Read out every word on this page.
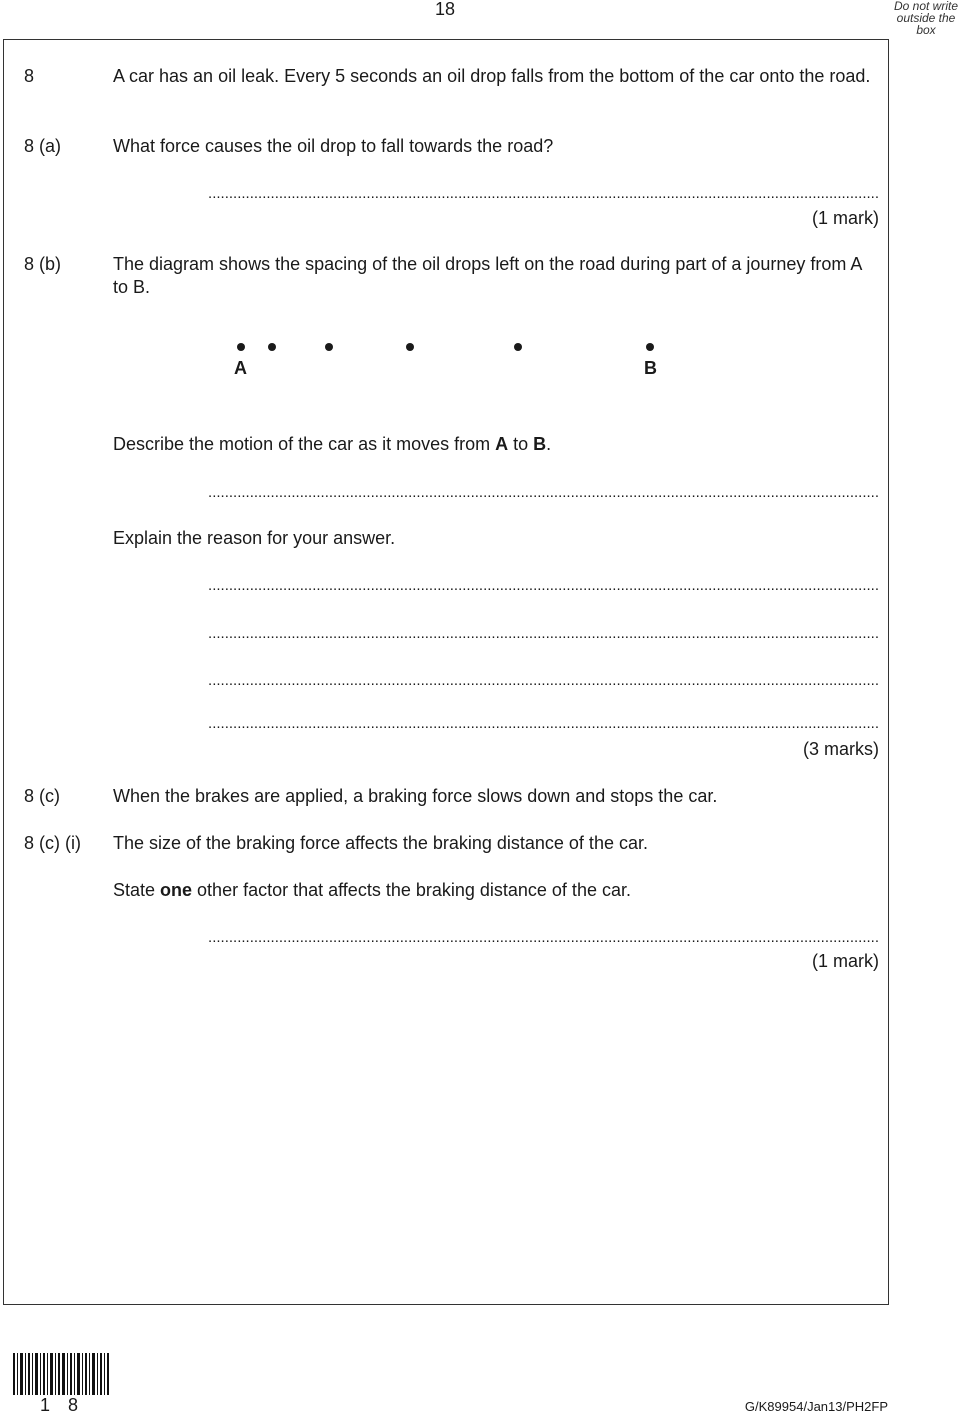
18	Do not write
outside the
box
8	A car has an oil leak. Every 5 seconds an oil drop falls from the bottom of the car onto the road.
8 (a)	What force causes the oil drop to fall towards the road?
.................................................................................................................................................................
(1 mark)
8 (b)	The diagram shows the spacing of the oil drops left on the road during part of a journey from A to B.
A	B
Describe the motion of the car as it moves from A to B.
.................................................................................................................................................................
Explain the reason for your answer.
.................................................................................................................................................................
.................................................................................................................................................................
.................................................................................................................................................................
.................................................................................................................................................................
(3 marks)
8 (c)	When the brakes are applied, a braking force slows down and stops the car.
8 (c) (i) The size of the braking force affects the braking distance of the car.
State one other factor that affects the braking distance of the car.
.................................................................................................................................................................
(1 mark)
18	G/K89954/Jan13/PH2FP
